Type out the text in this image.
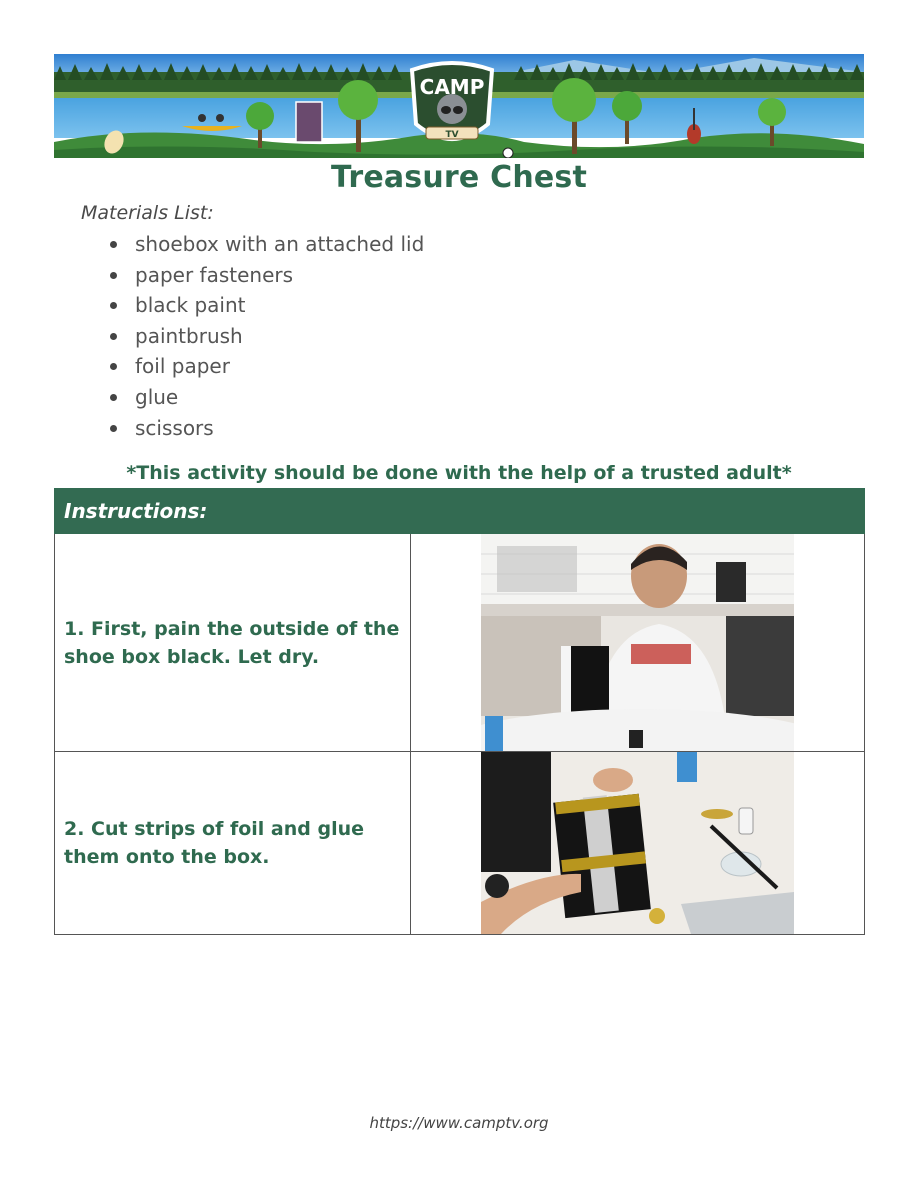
CAMP
TV
Treasure Chest
Materials List:
shoebox with an attached lid
paper fasteners
black paint
paintbrush
foil paper
glue
scissors
*This activity should be done with the help of a trusted adult*
Instructions:	
1. First, pain the outside of the shoe box black. Let dry.	

2. Cut strips of foil and glue them onto the box.	
https://www.camptv.org
